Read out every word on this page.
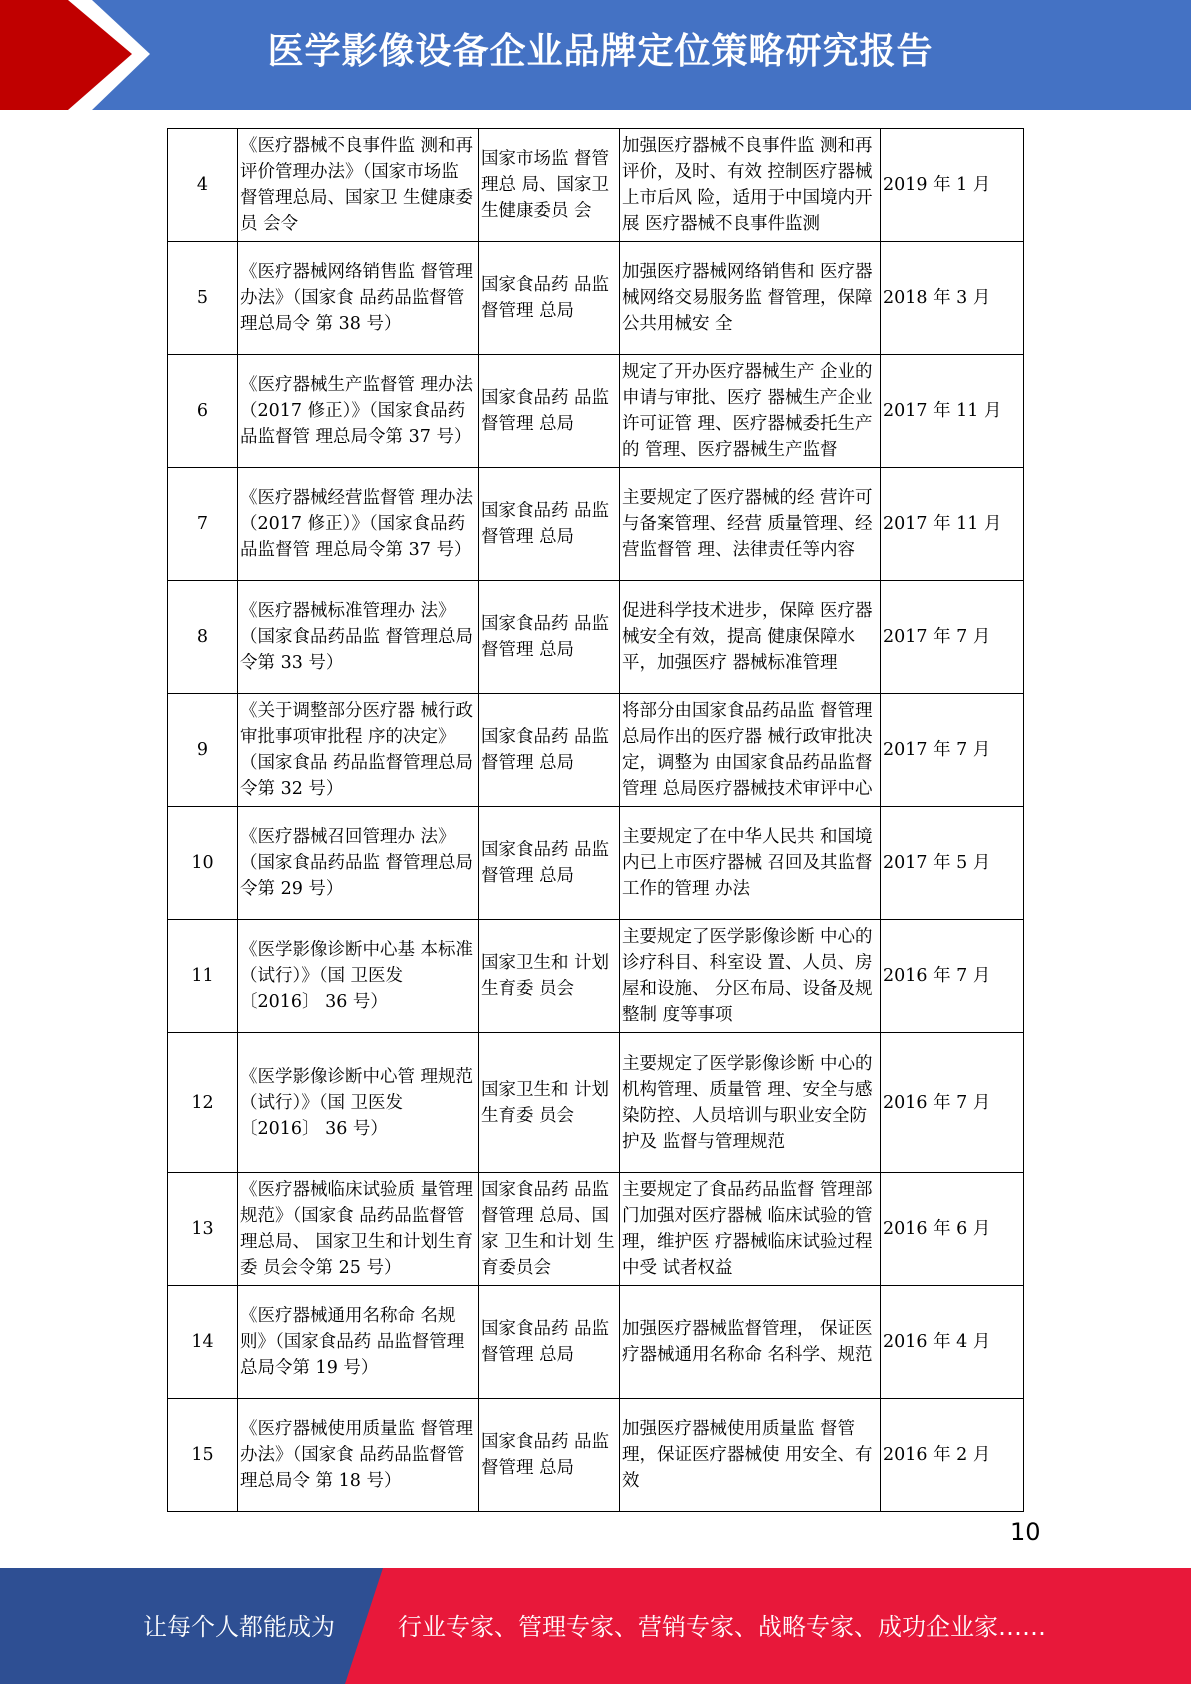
医学影像设备企业品牌定位策略研究报告
4	《医疗器械不良事件监 测和再评价管理办法》（国家市场监督管理总局、国家卫 生健康委员 会令	国家市场监 督管理总 局、国家卫 生健康委员 会	加强医疗器械不良事件监 测和再评价，及时、有效 控制医疗器械上市后风 险，适用于中国境内开展 医疗器械不良事件监测	2019 年 1 月

5	《医疗器械网络销售监 督管理办法》（国家食 品药品监督管理总局令 第 38 号）	国家食品药 品监督管理 总局	加强医疗器械网络销售和 医疗器械网络交易服务监 督管理，保障公共用械安 全	2018 年 3 月

6	《医疗器械生产监督管 理办法（2017 修正）》（国家食品药品监督管 理总局令第 37 号）	国家食品药 品监督管理 总局	规定了开办医疗器械生产 企业的申请与审批、医疗 器械生产企业许可证管 理、医疗器械委托生产的 管理、医疗器械生产监督	2017 年 11 月

7	《医疗器械经营监督管 理办法（2017 修正）》（国家食品药品监督管 理总局令第 37 号）	国家食品药 品监督管理 总局	主要规定了医疗器械的经 营许可与备案管理、经营 质量管理、经营监督管 理、法律责任等内容	2017 年 11 月

8	《医疗器械标准管理办 法》（国家食品药品监 督管理总局令第 33 号）	国家食品药 品监督管理 总局	促进科学技术进步，保障 医疗器械安全有效，提高 健康保障水平，加强医疗 器械标准管理	2017 年 7 月

9	《关于调整部分医疗器 械行政审批事项审批程 序的决定》（国家食品 药品监督管理总局令第 32 号）	国家食品药 品监督管理 总局	将部分由国家食品药品监 督管理总局作出的医疗器 械行政审批决定，调整为 由国家食品药品监督管理 总局医疗器械技术审评中心	2017 年 7 月

10	《医疗器械召回管理办 法》（国家食品药品监 督管理总局令第 29 号）	国家食品药 品监督管理 总局	主要规定了在中华人民共 和国境内已上市医疗器械 召回及其监督工作的管理 办法	2017 年 5 月

11	《医学影像诊断中心基 本标准（试行）》（国 卫医发〔2016〕 36 号）	国家卫生和 计划生育委 员会	主要规定了医学影像诊断 中心的诊疗科目、科室设 置、人员、房屋和设施、 分区布局、设备及规整制 度等事项	2016 年 7 月

12	《医学影像诊断中心管 理规范（试行）》（国 卫医发〔2016〕 36 号）	国家卫生和 计划生育委 员会	主要规定了医学影像诊断 中心的机构管理、质量管 理、安全与感染防控、人员培训与职业安全防护及 监督与管理规范	2016 年 7 月

13	《医疗器械临床试验质 量管理规范》（国家食 品药品监督管理总局、 国家卫生和计划生育委 员会令第 25 号）	国家食品药 品监督管理 总局、国家 卫生和计划 生育委员会	主要规定了食品药品监督 管理部门加强对医疗器械 临床试验的管理，维护医 疗器械临床试验过程中受 试者权益	2016 年 6 月

14	《医疗器械通用名称命 名规则》（国家食品药 品监督管理总局令第 19 号）	国家食品药 品监督管理 总局	加强医疗器械监督管理， 保证医疗器械通用名称命 名科学、规范	2016 年 4 月

15	《医疗器械使用质量监 督管理办法》（国家食 品药品监督管理总局令 第 18 号）	国家食品药 品监督管理 总局	加强医疗器械使用质量监 督管理，保证医疗器械使 用安全、有效	2016 年 2 月
10
让每个人都能成为	行业专家、管理专家、营销专家、战略专家、成功企业家……
